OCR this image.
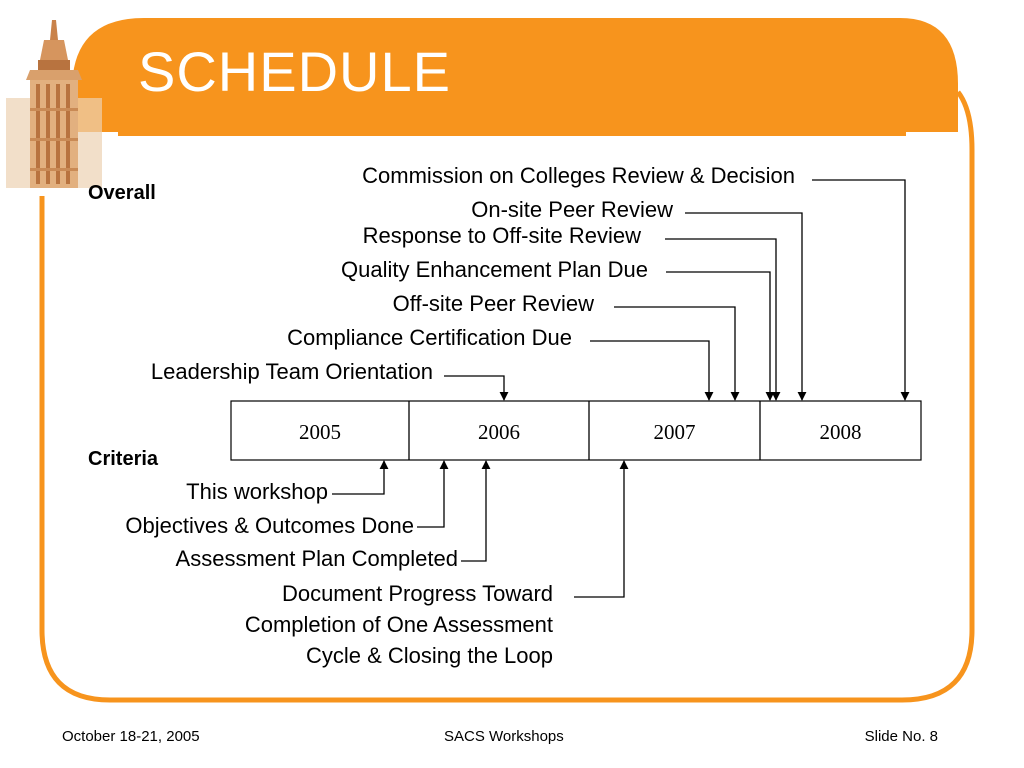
SCHEDULE
2005	2006	2007	2008
Overall
Commission on Colleges Review & Decision
On-site Peer Review
Response to Off-site Review
Quality Enhancement Plan Due
Off-site Peer Review
Compliance Certification Due
Leadership Team Orientation
Criteria
This workshop
Objectives & Outcomes Done
Assessment Plan Completed
Document Progress Toward
Completion of One Assessment
Cycle & Closing the Loop
October 18-21, 2005	SACS Workshops	Slide No. 8
